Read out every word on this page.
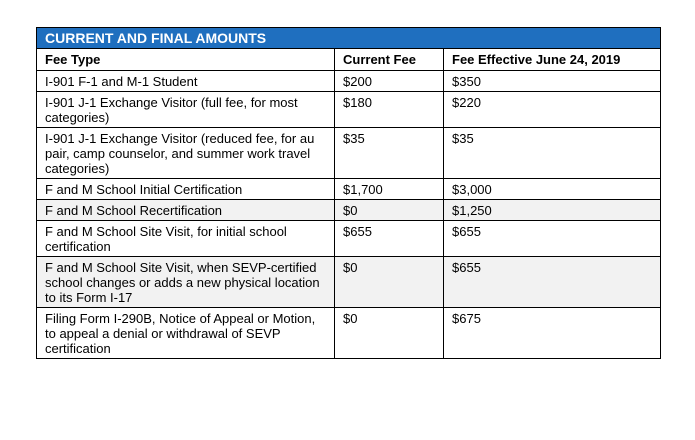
CURRENT AND FINAL AMOUNTS		
Fee Type	Current Fee	Fee Effective June 24, 2019
I-901 F-1 and M-1 Student	$200	$350
I-901 J-1 Exchange Visitor (full fee, for most categories)	$180	$220
I-901 J-1 Exchange Visitor (reduced fee, for au pair, camp counselor, and summer work travel categories)	$35	$35
F and M School Initial Certification	$1,700	$3,000
F and M School Recertification	$0	$1,250
F and M School Site Visit, for initial school certification	$655	$655
F and M School Site Visit, when SEVP-certified school changes or adds a new physical location to its Form I-17	$0	$655
Filing Form I-290B, Notice of Appeal or Motion, to appeal a denial or withdrawal of SEVP certification	$0	$675
